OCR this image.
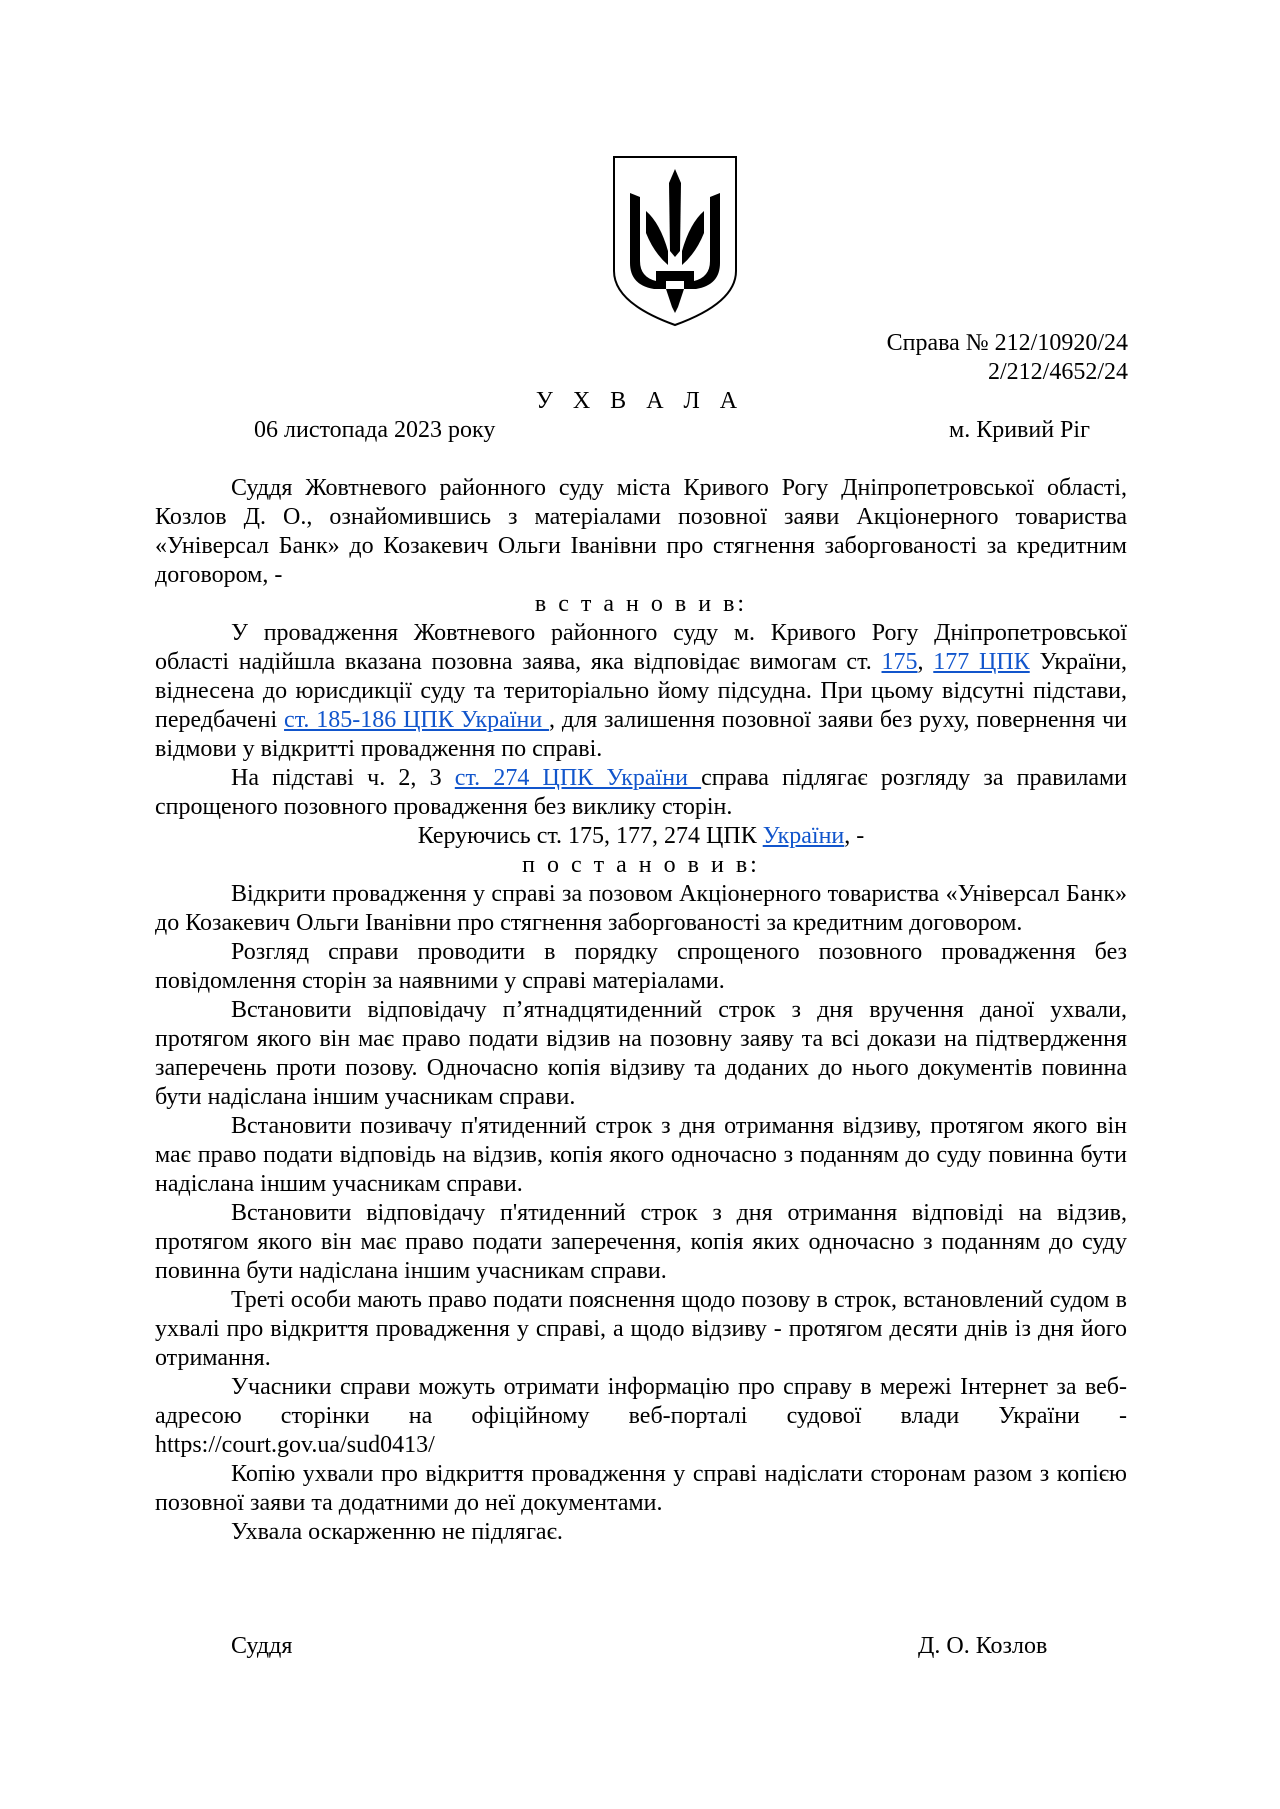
Справа № 212/10920/24
2/212/4652/24
У Х В А Л А
06 листопада 2023 року	м. Кривий Ріг

Суддя Жовтневого районного суду міста Кривого Рогу Дніпропетровської області, Козлов Д. О., ознайомившись з матеріалами позовної заяви Акціонерного товариства «Універсал Банк» до Козакевич Ольги Іванівни про стягнення заборгованості за кредитним договором, -

в с т а н о в и в:

У провадження Жовтневого районного суду м. Кривого Рогу Дніпропетровської області надійшла вказана позовна заява, яка відповідає вимогам ст. 175, 177 ЦПК України, віднесена до юрисдикції суду та територіально йому підсудна. При цьому відсутні підстави, передбачені ст. 185-186 ЦПК України , для залишення позовної заяви без руху, повернення чи відмови у відкритті провадження по справі.

На підставі ч. 2, 3 ст. 274 ЦПК України справа підлягає розгляду за правилами спрощеного позовного провадження без виклику сторін.

Керуючись ст. 175, 177, 274 ЦПК України, -

п о с т а н о в и в:

Відкрити провадження у справі за позовом Акціонерного товариства «Універсал Банк» до Козакевич Ольги Іванівни про стягнення заборгованості за кредитним договором.

Розгляд справи проводити в порядку спрощеного позовного провадження без повідомлення сторін за наявними у справі матеріалами.

Встановити відповідачу п’ятнадцятиденний строк з дня вручення даної ухвали, протягом якого він має право подати відзив на позовну заяву та всі докази на підтвердження заперечень проти позову. Одночасно копія відзиву та доданих до нього документів повинна бути надіслана іншим учасникам справи.

Встановити позивачу п'ятиденний строк з дня отримання відзиву, протягом якого він має право подати відповідь на відзив, копія якого одночасно з поданням до суду повинна бути надіслана іншим учасникам справи.

Встановити відповідачу п'ятиденний строк з дня отримання відповіді на відзив, протягом якого він має право подати заперечення, копія яких одночасно з поданням до суду повинна бути надіслана іншим учасникам справи.

Треті особи мають право подати пояснення щодо позову в строк, встановлений судом в ухвалі про відкриття провадження у справі, а щодо відзиву - протягом десяти днів із дня його отримання.

Учасники справи можуть отримати інформацію про справу в мережі Інтернет за веб-адресою сторінки на офіційному веб-порталі судової влади України - https://court.gov.ua/sud0413/

Копію ухвали про відкриття провадження у справі надіслати сторонам разом з копією позовної заяви та додатними до неї документами.

Ухвала оскарженню не підлягає.

Суддя	Д. О. Козлов
